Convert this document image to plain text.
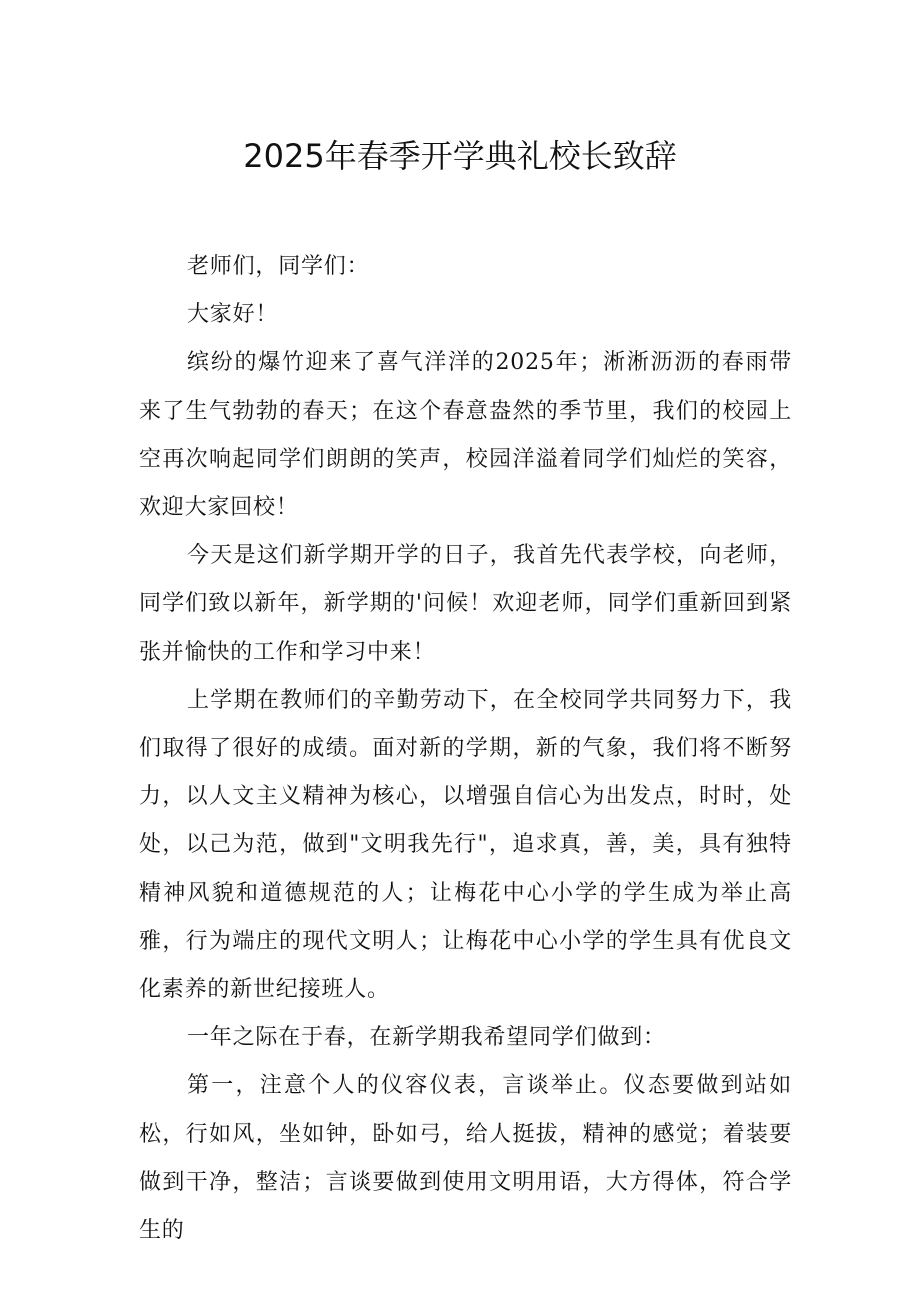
2025年春季开学典礼校长致辞

老师们，同学们：

大家好！

缤纷的爆竹迎来了喜气洋洋的2025年；淅淅沥沥的春雨带来了生气勃勃的春天；在这个春意盎然的季节里，我们的校园上空再次响起同学们朗朗的笑声，校园洋溢着同学们灿烂的笑容，欢迎大家回校！

今天是这们新学期开学的日子，我首先代表学校，向老师，同学们致以新年，新学期的'问候！欢迎老师，同学们重新回到紧张并愉快的工作和学习中来！

上学期在教师们的辛勤劳动下，在全校同学共同努力下，我们取得了很好的成绩。面对新的学期，新的气象，我们将不断努力，以人文主义精神为核心，以增强自信心为出发点，时时，处处，以己为范，做到"文明我先行"，追求真，善，美，具有独特精神风貌和道德规范的人；让梅花中心小学的学生成为举止高雅，行为端庄的现代文明人；让梅花中心小学的学生具有优良文化素养的新世纪接班人。

一年之际在于春，在新学期我希望同学们做到：

第一，注意个人的仪容仪表，言谈举止。仪态要做到站如松，行如风，坐如钟，卧如弓，给人挺拔，精神的感觉；着装要做到干净，整洁；言谈要做到使用文明用语，大方得体，符合学生的
